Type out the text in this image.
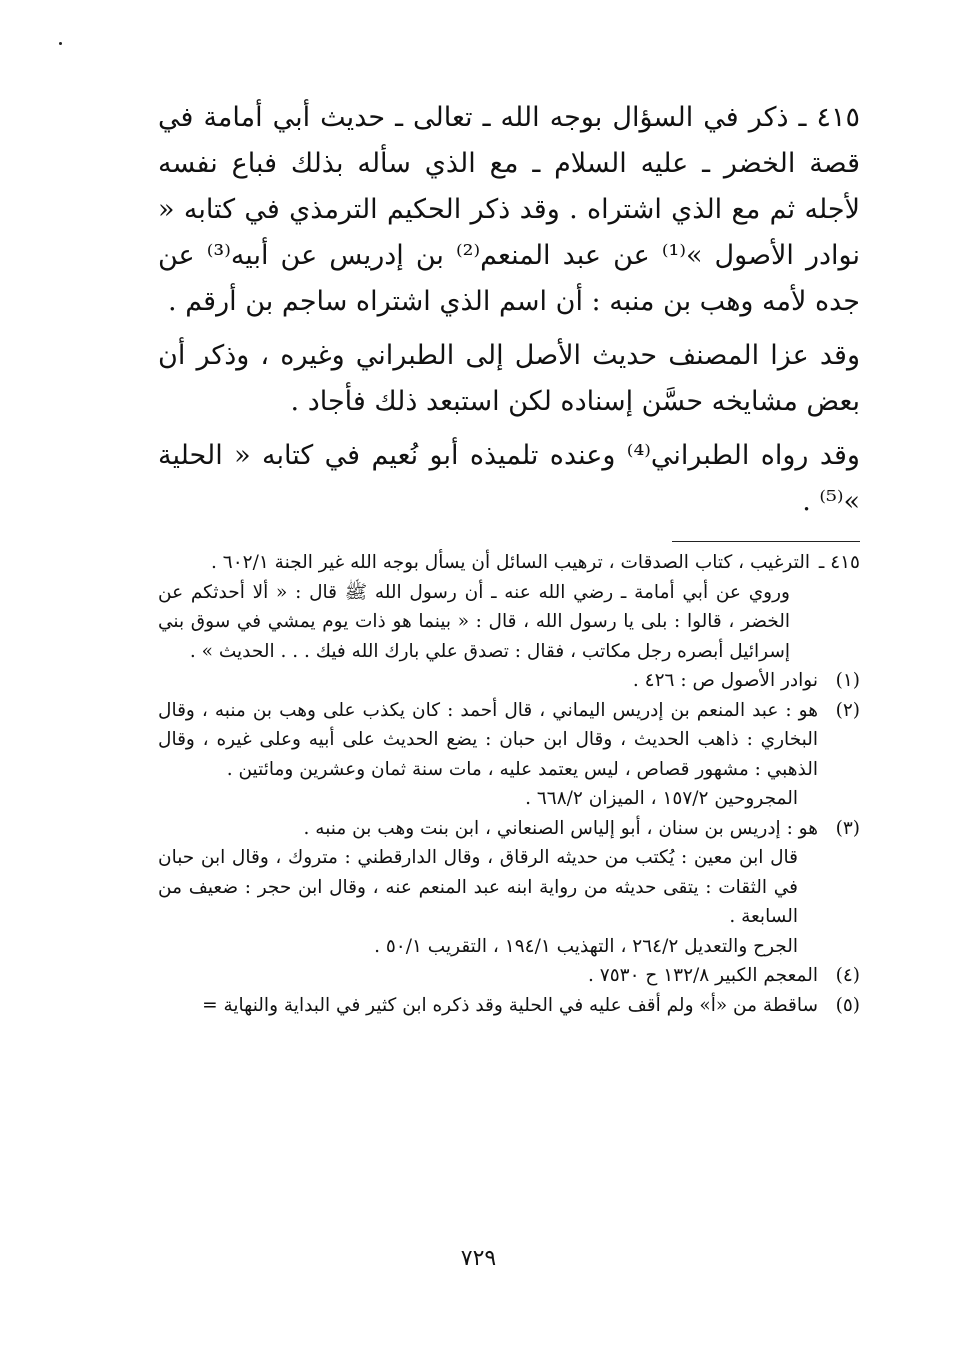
٤١٥ ـ ذكر في السؤال بوجه الله ـ تعالى ـ حديث أبي أمامة في قصة الخضر ـ عليه السلام ـ مع الذي سأله بذلك فباع نفسه لأجله ثم مع الذي اشتراه . وقد ذكر الحكيم الترمذي في كتابه « نوادر الأصول »⁽¹⁾ عن عبد المنعم⁽²⁾ بن إدريس عن أبيه⁽³⁾ عن جده لأمه وهب بن منبه : أن اسم الذي اشتراه ساجم بن أرقم .

وقد عزا المصنف حديث الأصل إلى الطبراني وغيره ، وذكر أن بعض مشايخه حسَّن إسناده لكن استبعد ذلك فأجاد .

وقد رواه الطبراني⁽⁴⁾ وعنده تلميذه أبو نُعيم في كتابه « الحلية »⁽⁵⁾ .

٤١٥ ـ

الترغيب ، كتاب الصدقات ، ترهيب السائل أن يسأل بوجه الله غير الجنة ٦٠٢/١ .

وروي عن أبي أمامة ـ رضي الله عنه ـ أن رسول الله ﷺ قال : « ألا أحدثكم عن الخضر ، قالوا : بلى يا رسول الله ، قال : « بينما هو ذات يوم يمشي في سوق بني إسرائيل أبصره رجل مكاتب ، فقال : تصدق علي بارك الله فيك . . . الحديث » .

(١)

نوادر الأصول ص : ٤٢٦ .

(٢)

هو : عبد المنعم بن إدريس اليماني ، قال أحمد : كان يكذب على وهب بن منبه ، وقال البخاري : ذاهب الحديث ، وقال ابن حبان : يضع الحديث على أبيه وعلى غيره ، وقال الذهبي : مشهور قصاص ، ليس يعتمد عليه ، مات سنة ثمان وعشرين ومائتين .

المجروحين ١٥٧/٢ ، الميزان ٦٦٨/٢ .

(٣)

هو : إدريس بن سنان ، أبو إلياس الصنعاني ، ابن بنت وهب بن منبه .

قال ابن معين : يُكتب من حديثه الرقاق ، وقال الدارقطني : متروك ، وقال ابن حبان في الثقات : يتقى حديثه من رواية ابنه عبد المنعم عنه ، وقال ابن حجر : ضعيف من السابعة .

الجرح والتعديل ٢٦٤/٢ ، التهذيب ١٩٤/١ ، التقريب ٥٠/١ .

(٤)

المعجم الكبير ١٣٢/٨ ح ٧٥٣٠ .

(٥)

ساقطة من «أ» ولم أقف عليه في الحلية وقد ذكره ابن كثير في البداية والنهاية =

٧٢٩
